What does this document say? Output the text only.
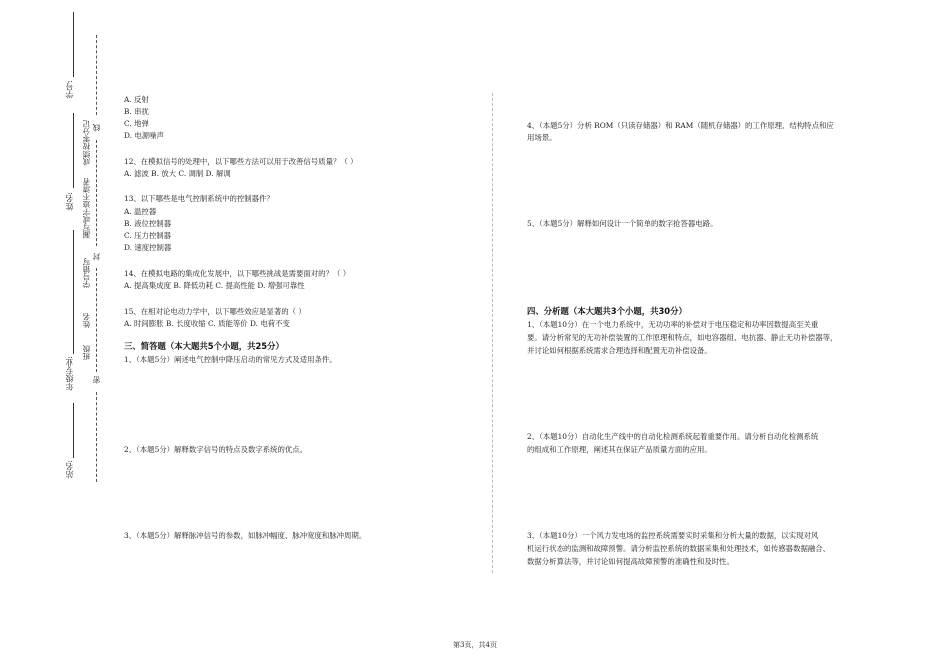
学号:
姓名:
年级专业:
站名:
班级
姓名
学号错写
漏写或字迹不清者
成绩按零分记 线
封
密
A. 反射
B. 串扰
C. 地弹
D. 电源噪声
12、在模拟信号的处理中，以下哪些方法可以用于改善信号质量？（ ）
A. 滤波 B. 放大 C. 调制 D. 解调
13、以下哪些是电气控制系统中的控制器件？
A. 温控器
B. 液位控制器
C. 压力控制器
D. 速度控制器
14、在模拟电路的集成化发展中，以下哪些挑战是需要面对的？（ ）
A. 提高集成度 B. 降低功耗 C. 提高性能 D. 增强可靠性
15、在相对论电动力学中，以下哪些效应是显著的（ ）
A. 时间膨胀 B. 长度收缩 C. 质能等价 D. 电荷不变
三、简答题（本大题共5个小题，共25分）
1、（本题5分）阐述电气控制中降压启动的常见方式及适用条件。
2、（本题5分）解释数字信号的特点及数字系统的优点。
3、（本题5分）解释脉冲信号的参数，如脉冲幅度、脉冲宽度和脉冲周期。
4、（本题5分）分析 ROM（只读存储器）和 RAM（随机存储器）的工作原理、结构特点和应
用场景。
5、（本题5分）解释如何设计一个简单的数字抢答器电路。
四、分析题（本大题共3个小题，共30分）
1、（本题10分）在一个电力系统中，无功功率的补偿对于电压稳定和功率因数提高至关重
要。请分析常见的无功补偿装置的工作原理和特点，如电容器组、电抗器、静止无功补偿器等，
并讨论如何根据系统需求合理选择和配置无功补偿设备。
2、（本题10分）自动化生产线中的自动化检测系统起着重要作用。请分析自动化检测系统
的组成和工作原理，阐述其在保证产品质量方面的应用。
3、（本题10分）一个风力发电场的监控系统需要实时采集和分析大量的数据，以实现对风
机运行状态的监测和故障预警。请分析监控系统的数据采集和处理技术，如传感器数据融合、
数据分析算法等，并讨论如何提高故障预警的准确性和及时性。
第3页，共4页
